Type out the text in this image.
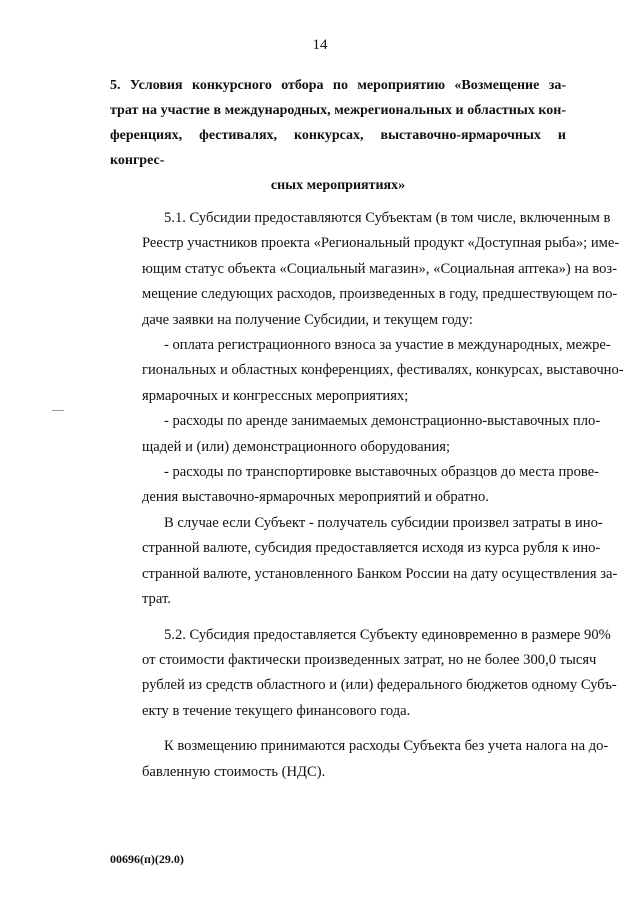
14
5. Условия конкурсного отбора по мероприятию «Возмещение за-
трат на участие в международных, межрегиональных и областных кон-
ференциях, фестивалях, конкурсах, выставочно-ярмарочных и конгрес-
сных мероприятиях»
5.1. Субсидии предоставляются Субъектам (в том числе, включенным в
Реестр участников проекта «Региональный продукт «Доступная рыба»; име-
ющим статус объекта «Социальный магазин», «Социальная аптека») на воз-
мещение следующих расходов, произведенных в году, предшествующем по-
даче заявки на получение Субсидии, и текущем году:
- оплата регистрационного взноса за участие в международных, межре-
гиональных и областных конференциях, фестивалях, конкурсах, выставочно-
ярмарочных и конгрессных мероприятиях;
- расходы по аренде занимаемых демонстрационно-выставочных пло-
щадей и (или) демонстрационного оборудования;
- расходы по транспортировке выставочных образцов до места прове-
дения выставочно-ярмарочных мероприятий и обратно.
В случае если Субъект - получатель субсидии произвел затраты в ино-
странной валюте, субсидия предоставляется исходя из курса рубля к ино-
странной валюте, установленного Банком России на дату осуществления за-
трат.
5.2. Субсидия предоставляется Субъекту единовременно в размере 90%
от стоимости фактически произведенных затрат, но не более 300,0 тысяч
рублей из средств областного и (или) федерального бюджетов одному Субъ-
екту в течение текущего финансового года.
К возмещению принимаются расходы Субъекта без учета налога на до-
бавленную стоимость (НДС).
00696(п)(29.0)
